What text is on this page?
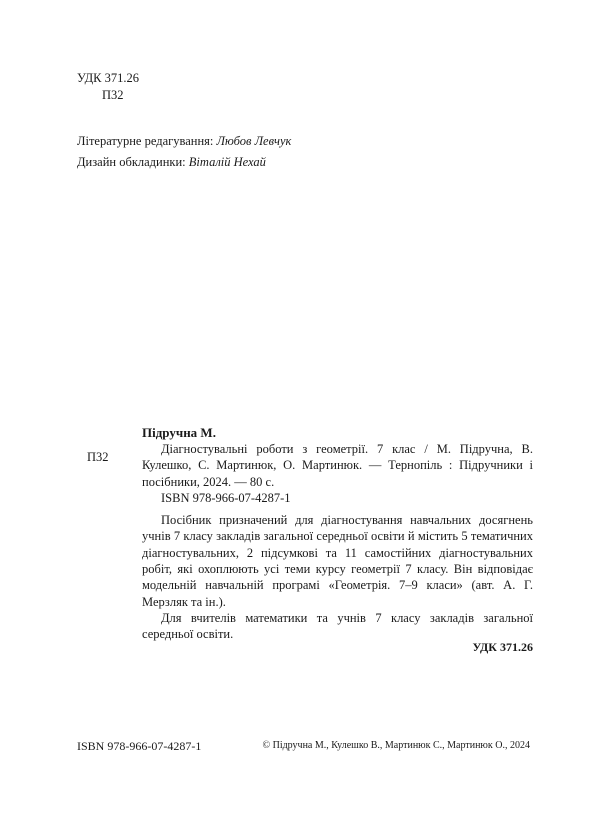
УДК 371.26
П32
Літературне редагування: Любов Левчук
Дизайн обкладинки: Віталій Нехай
Підручна М.
П32

Діагностувальні роботи з геометрії. 7 клас / М. Підручна, В. Кулешко, С. Мартинюк, О. Мартинюк. — Тернопіль : Підручники і посібники, 2024. — 80 с.

ISBN 978-966-07-4287-1

Посібник призначений для діагностування навчальних досягнень учнів 7 класу закладів загальної середньої освіти й містить 5 тематичних діагностувальних, 2 підсумкові та 11 самостійних діагностувальних робіт, які охоплюють усі теми курсу геометрії 7 класу. Він відповідає модельній навчальній програмі «Геометрія. 7–9 класи» (авт. А. Г. Мерзляк та ін.).

Для вчителів математики та учнів 7 класу закладів загальної середньої освіти.

УДК 371.26
ISBN 978-966-07-4287-1	© Підручна М., Кулешко В., Мартинюк С., Мартинюк О., 2024
